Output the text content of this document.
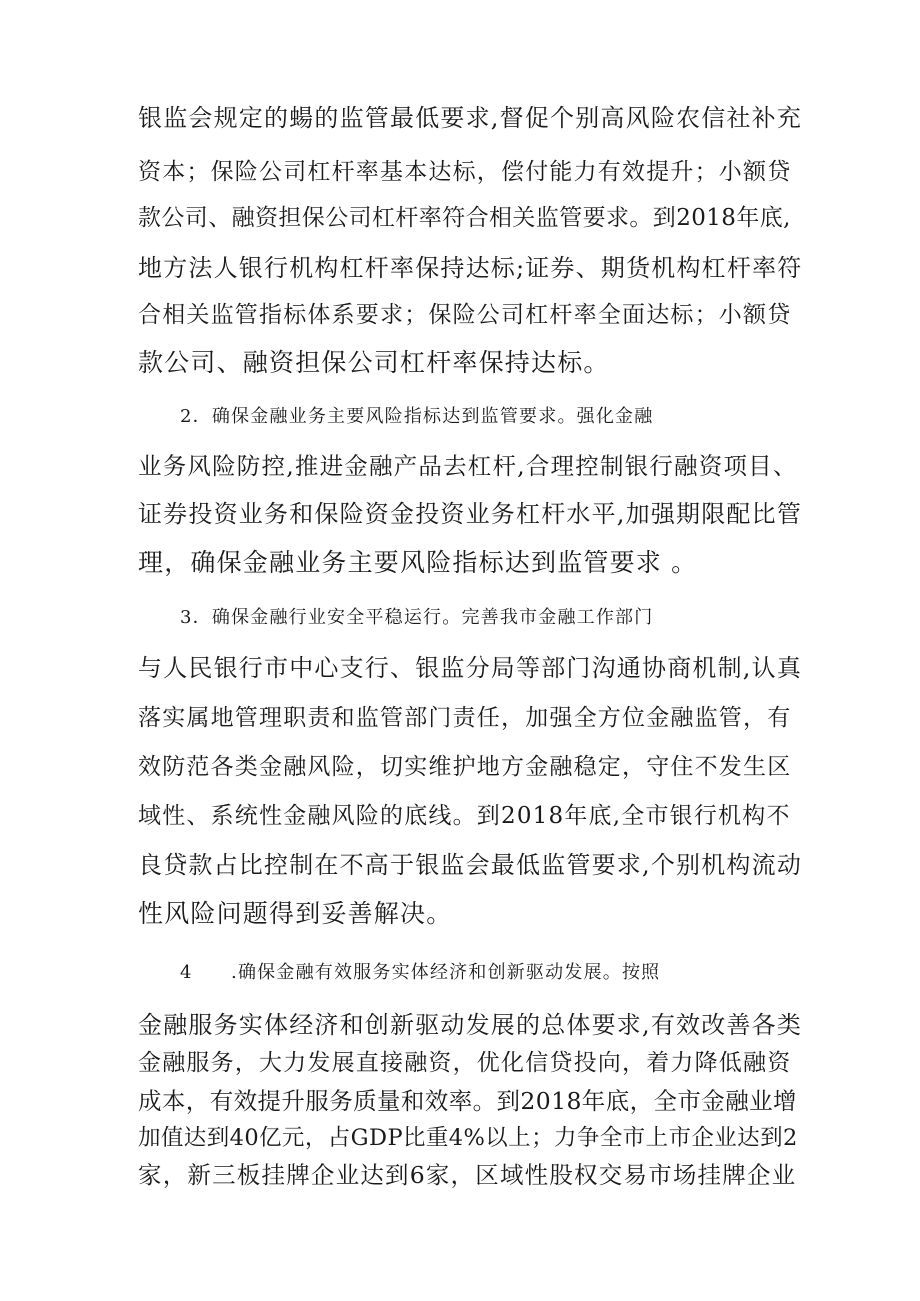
银监会规定的蝪的监管最低要求,督促个别高风险农信社补充
资本；保险公司杠杆率基本达标，偿付能力有效提升；小额贷
款公司、融资担保公司杠杆率符合相关监管要求。到2018年底,
地方法人银行机构杠杆率保持达标;证券、期货机构杠杆率符
合相关监管指标体系要求；保险公司杠杆率全面达标；小额贷
款公司、融资担保公司杠杆率保持达标。
2．确保金融业务主要风险指标达到监管要求。强化金融
业务风险防控,推进金融产品去杠杆,合理控制银行融资项目、
证券投资业务和保险资金投资业务杠杆水平,加强期限配比管
理，确保金融业务主要风险指标达到监管要求 。
3．确保金融行业安全平稳运行。完善我市金融工作部门
与人民银行市中心支行、银监分局等部门沟通协商机制,认真
落实属地管理职责和监管部门责任，加强全方位金融监管，有
效防范各类金融风险，切实维护地方金融稳定，守住不发生区
域性、系统性金融风险的底线。到2018年底,全市银行机构不
良贷款占比控制在不高于银监会最低监管要求,个别机构流动
性风险问题得到妥善解决。
4　　.确保金融有效服务实体经济和创新驱动发展。按照
金融服务实体经济和创新驱动发展的总体要求,有效改善各类
金融服务，大力发展直接融资，优化信贷投向，着力降低融资
成本，有效提升服务质量和效率。到2018年底，全市金融业增
加值达到40亿元，占GDP比重4%以上；力争全市上市企业达到2
家，新三板挂牌企业达到6家，区域性股权交易市场挂牌企业
